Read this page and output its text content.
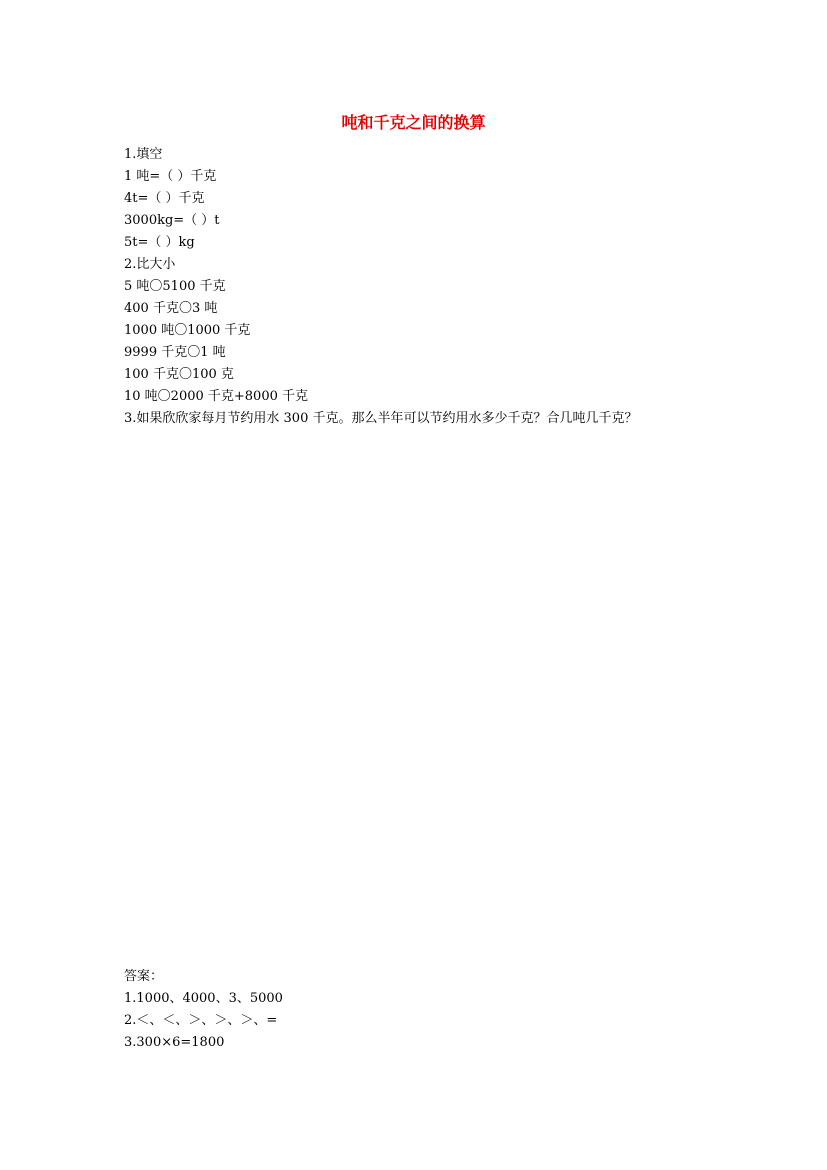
吨和千克之间的换算
1.填空
1 吨=（ ）千克
4t=（ ）千克
3000kg=（ ）t
5t=（ ）kg
2.比大小
5 吨〇5100 千克
400 千克〇3 吨
1000 吨〇1000 千克
9999 千克〇1 吨
100 千克〇100 克
10 吨〇2000 千克+8000 千克
3.如果欣欣家每月节约用水 300 千克。那么半年可以节约用水多少千克？合几吨几千克？
答案：
1.1000、4000、3、5000
2.＜、＜、＞、＞、＞、=
3.300×6=1800
